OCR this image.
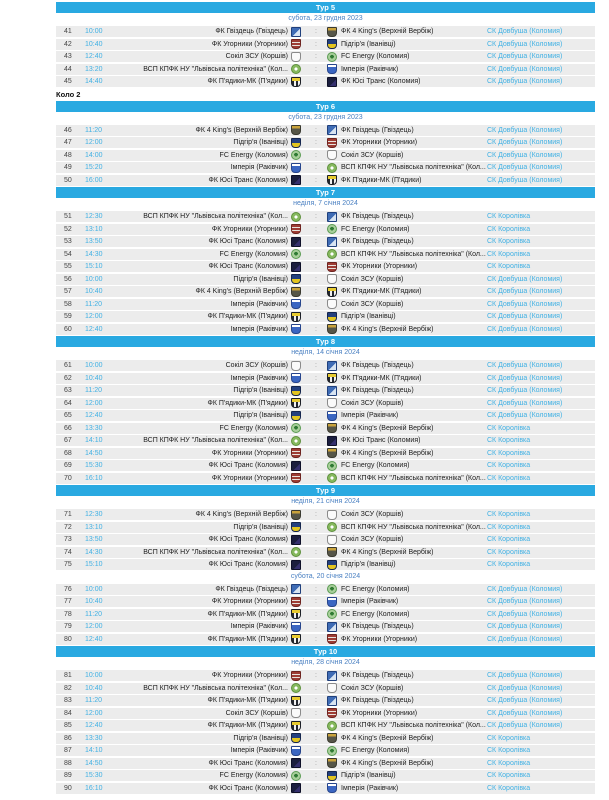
Тур 5
субота, 23 грудня 2023
41	10:00	ФК Гвіздець (Гвіздець)	:	ФК 4 King's (Верхній Вербіж)	СК Довбуша (Коломия)
42	10:40	ФК Угорники (Угорники)	:	Підгір'я (Іванівці)	СК Довбуша (Коломия)
43	12:40	Сокіл ЗСУ (Коршів)	:	FC Energy (Коломия)	СК Довбуша (Коломия)
44	13:20	ВСП КПФК НУ "Львівська політехніка" (Кол...	:	Імперія (Раківчик)	СК Довбуша (Коломия)
45	14:40	ФК П'ядики-МК (П'ядики)	:	ФК Юсі Транс (Коломия)	СК Довбуша (Коломия)
Коло 2
Тур 6
субота, 23 грудня 2023
46	11:20	ФК 4 King's (Верхній Вербіж)	:	ФК Гвіздець (Гвіздець)	СК Довбуша (Коломия)
47	12:00	Підгір'я (Іванівці)	:	ФК Угорники (Угорники)	СК Довбуша (Коломия)
48	14:00	FC Energy (Коломия)	:	Сокіл ЗСУ (Коршів)	СК Довбуша (Коломия)
49	15:20	Імперія (Раківчик)	:	ВСП КПФК НУ "Львівська політехніка" (Кол... СК Довбуша (Коломия)
50	16:00	ФК Юсі Транс (Коломия)	:	ФК П'ядики-МК (П'ядики)	СК Довбуша (Коломия)
Тур 7
неділя, 7 січня 2024
51	12:30	ВСП КПФК НУ "Львівська політехніка" (Кол...	:	ФК Гвіздець (Гвіздець)	СК Королівка
52	13:10	ФК Угорники (Угорники)	:	FC Energy (Коломия)	СК Королівка
53	13:50	ФК Юсі Транс (Коломия)	:	ФК Гвіздець (Гвіздець)	СК Королівка
54	14:30	FC Energy (Коломия)	:	ВСП КПФК НУ "Львівська політехніка" (Кол... СК Королівка
55	15:10	ФК Юсі Транс (Коломия)	:	ФК Угорники (Угорники)	СК Королівка
56	10:00	Підгір'я (Іванівці)	:	Сокіл ЗСУ (Коршів)	СК Довбуша (Коломия)
57	10:40	ФК 4 King's (Верхній Вербіж)	:	ФК П'ядики-МК (П'ядики)	СК Довбуша (Коломия)
58	11:20	Імперія (Раківчик)	:	Сокіл ЗСУ (Коршів)	СК Довбуша (Коломия)
59	12:00	ФК П'ядики-МК (П'ядики)	:	Підгір'я (Іванівці)	СК Довбуша (Коломия)
60	12:40	Імперія (Раківчик)	:	ФК 4 King's (Верхній Вербіж)	СК Довбуша (Коломия)
Тур 8
неділя, 14 січня 2024
61	10:00	Сокіл ЗСУ (Коршів)	:	ФК Гвіздець (Гвіздець)	СК Довбуша (Коломия)
62	10:40	Імперія (Раківчик)	:	ФК П'ядики-МК (П'ядики)	СК Довбуша (Коломия)
63	11:20	Підгір'я (Іванівці)	:	ФК Гвіздець (Гвіздець)	СК Довбуша (Коломия)
64	12:00	ФК П'ядики-МК (П'ядики)	:	Сокіл ЗСУ (Коршів)	СК Довбуша (Коломия)
65	12:40	Підгір'я (Іванівці)	:	Імперія (Раківчик)	СК Довбуша (Коломия)
66	13:30	FC Energy (Коломия)	:	ФК 4 King's (Верхній Вербіж)	СК Королівка
67	14:10	ВСП КПФК НУ "Львівська політехніка" (Кол...	:	ФК Юсі Транс (Коломия)	СК Королівка
68	14:50	ФК Угорники (Угорники)	:	ФК 4 King's (Верхній Вербіж)	СК Королівка
69	15:30	ФК Юсі Транс (Коломия)	:	FC Energy (Коломия)	СК Королівка
70	16:10	ФК Угорники (Угорники)	:	ВСП КПФК НУ "Львівська політехніка" (Кол... СК Королівка
Тур 9
неділя, 21 січня 2024
71	12:30	ФК 4 King's (Верхній Вербіж)	:	Сокіл ЗСУ (Коршів)	СК Королівка
72	13:10	Підгір'я (Іванівці)	:	ВСП КПФК НУ "Львівська політехніка" (Кол... СК Королівка
73	13:50	ФК Юсі Транс (Коломия)	:	Сокіл ЗСУ (Коршів)	СК Королівка
74	14:30	ВСП КПФК НУ "Львівська політехніка" (Кол...	:	ФК 4 King's (Верхній Вербіж)	СК Королівка
75	15:10	ФК Юсі Транс (Коломия)	:	Підгір'я (Іванівці)	СК Королівка
субота, 20 січня 2024
76	10:00	ФК Гвіздець (Гвіздець)	:	FC Energy (Коломия)	СК Довбуша (Коломия)
77	10:40	ФК Угорники (Угорники)	:	Імперія (Раківчик)	СК Довбуша (Коломия)
78	11:20	ФК П'ядики-МК (П'ядики)	:	FC Energy (Коломия)	СК Довбуша (Коломия)
79	12:00	Імперія (Раківчик)	:	ФК Гвіздець (Гвіздець)	СК Довбуша (Коломия)
80	12:40	ФК П'ядики-МК (П'ядики)	:	ФК Угорники (Угорники)	СК Довбуша (Коломия)
Тур 10
неділя, 28 січня 2024
81	10:00	ФК Угорники (Угорники)	:	ФК Гвіздець (Гвіздець)	СК Довбуша (Коломия)
82	10:40	ВСП КПФК НУ "Львівська політехніка" (Кол...	:	Сокіл ЗСУ (Коршів)	СК Довбуша (Коломия)
83	11:20	ФК П'ядики-МК (П'ядики)	:	ФК Гвіздець (Гвіздець)	СК Довбуша (Коломия)
84	12:00	Сокіл ЗСУ (Коршів)	:	ФК Угорники (Угорники)	СК Довбуша (Коломия)
85	12:40	ФК П'ядики-МК (П'ядики)	:	ВСП КПФК НУ "Львівська політехніка" (Кол... СК Довбуша (Коломия)
86	13:30	Підгір'я (Іванівці)	:	ФК 4 King's (Верхній Вербіж)	СК Королівка
87	14:10	Імперія (Раківчик)	:	FC Energy (Коломия)	СК Королівка
88	14:50	ФК Юсі Транс (Коломия)	:	ФК 4 King's (Верхній Вербіж)	СК Королівка
89	15:30	FC Energy (Коломия)	:	Підгір'я (Іванівці)	СК Королівка
90	16:10	ФК Юсі Транс (Коломия)	:	Імперія (Раківчик)	СК Королівка
